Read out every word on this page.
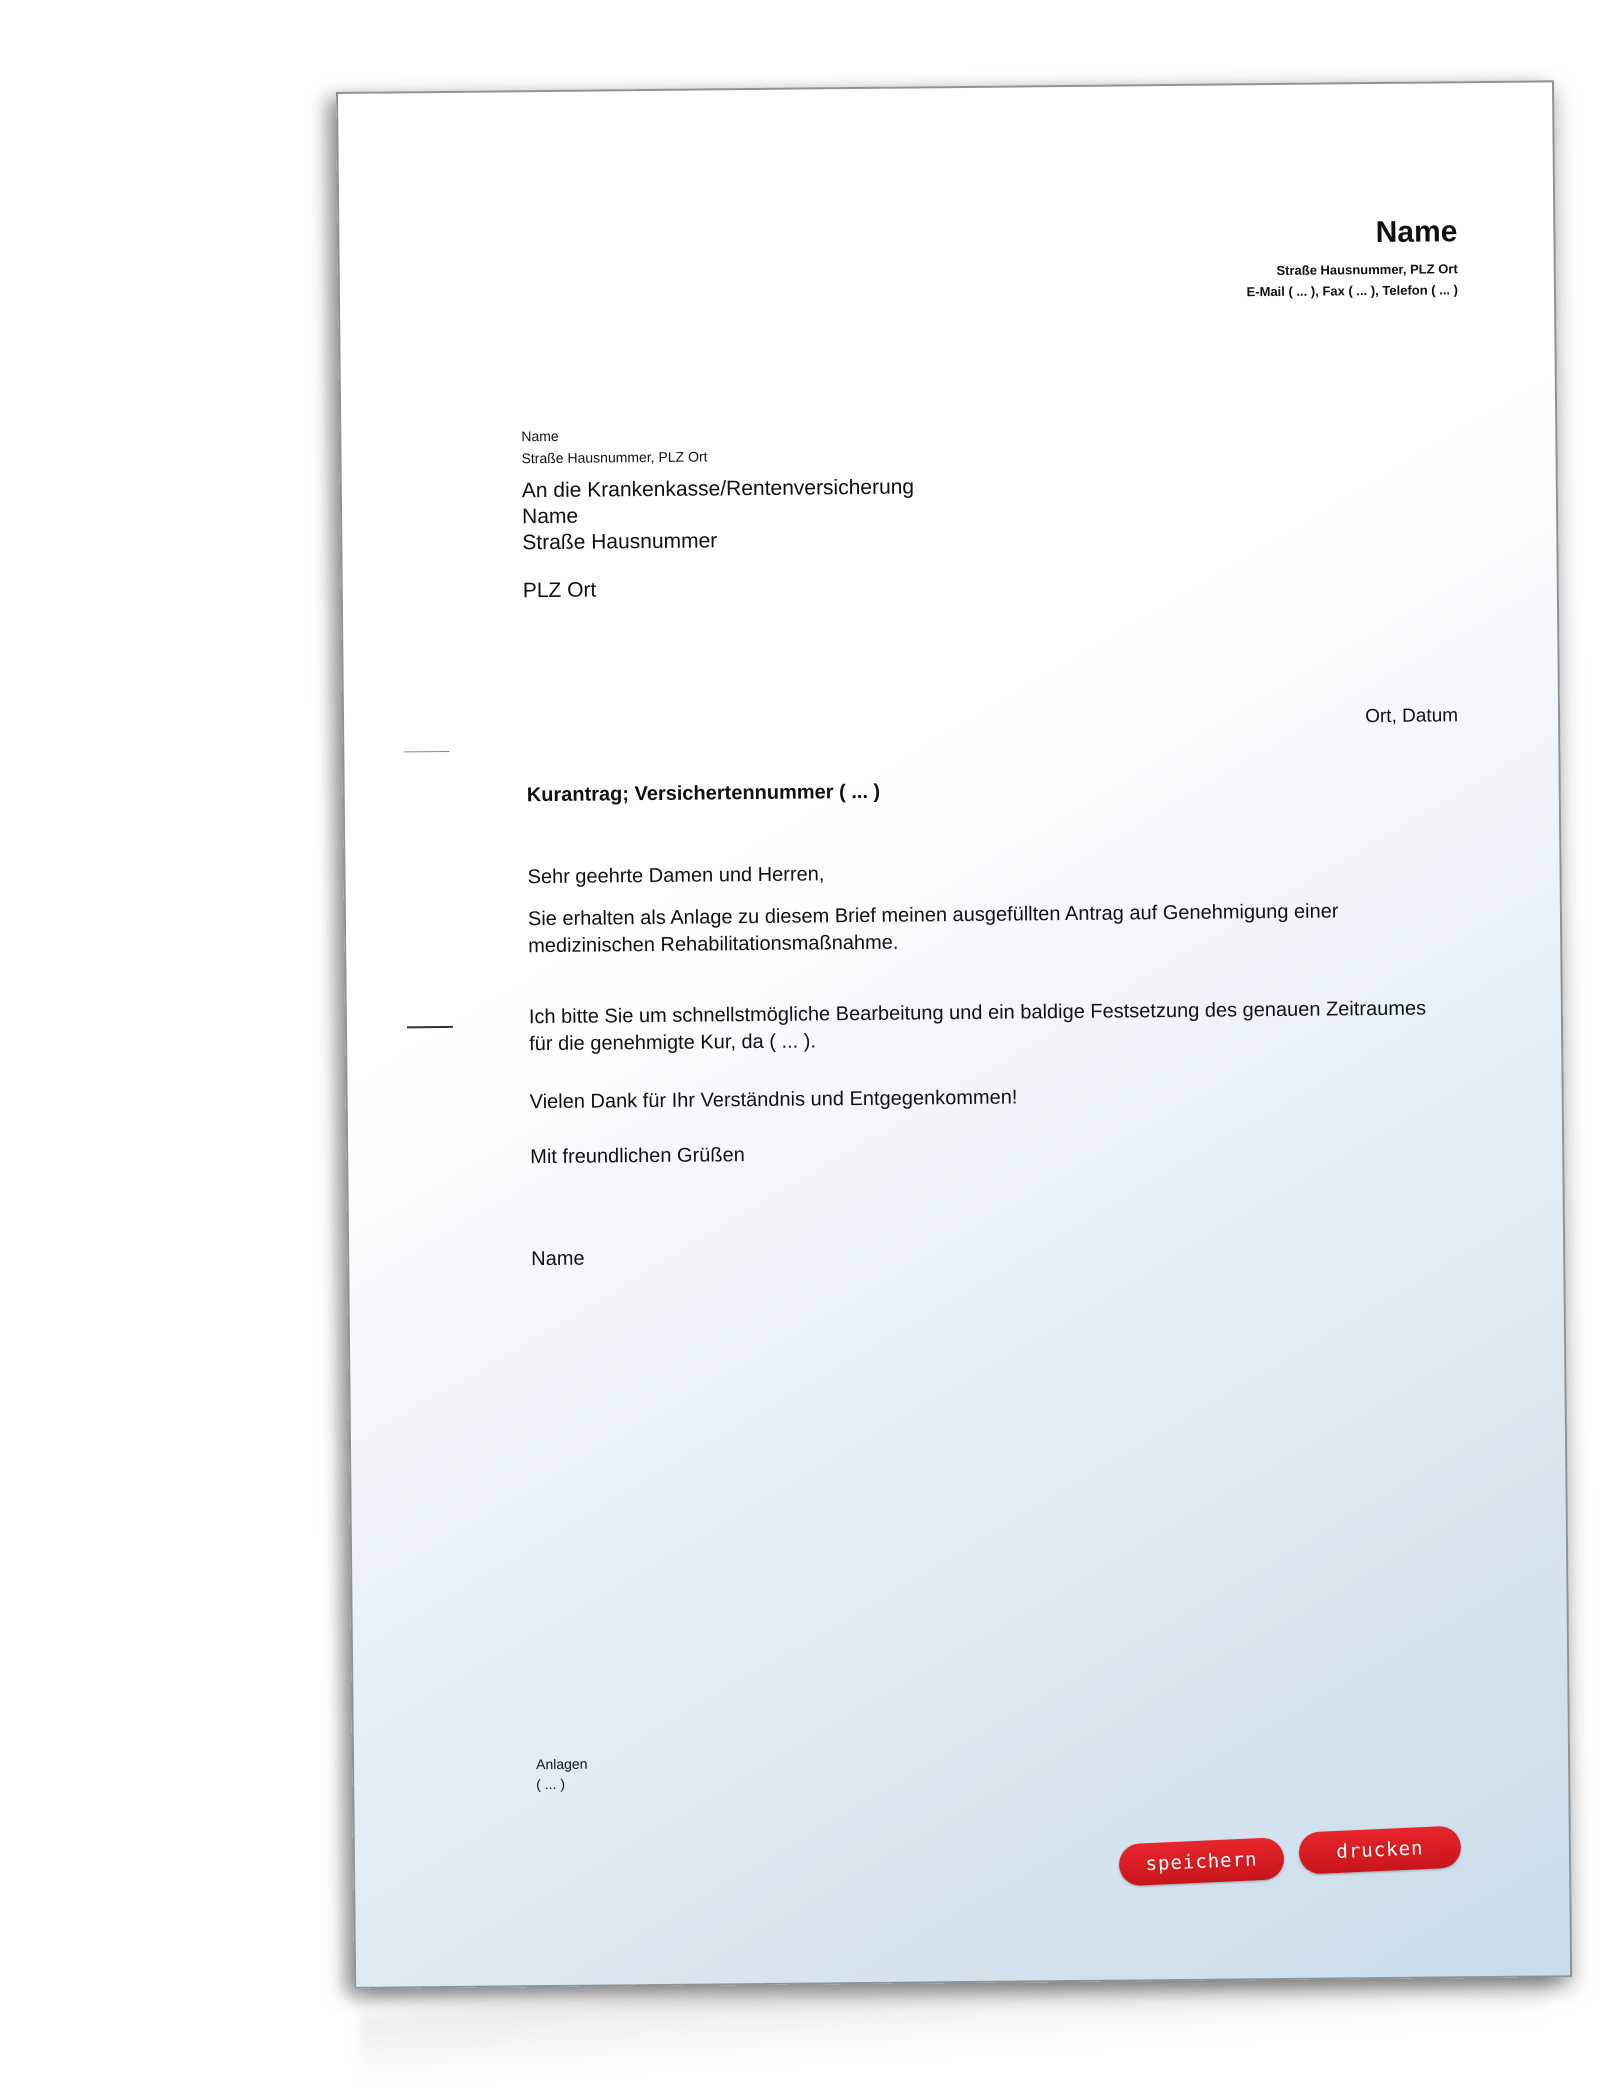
Name
Straße Hausnummer, PLZ Ort
E-Mail ( ... ), Fax ( ... ), Telefon ( ... )
Name
Straße Hausnummer, PLZ Ort
An die Krankenkasse/Rentenversicherung
Name
Straße Hausnummer
PLZ Ort
Ort, Datum
Kurantrag; Versichertennummer ( ... )
Sehr geehrte Damen und Herren,
Sie erhalten als Anlage zu diesem Brief meinen ausgefüllten Antrag auf Genehmigung einer medizinischen Rehabilitationsmaßnahme.
Ich bitte Sie um schnellstmögliche Bearbeitung und ein baldige Festsetzung des genauen Zeitraumes für die genehmigte Kur, da ( ... ).
Vielen Dank für Ihr Verständnis und Entgegenkommen!
Mit freundlichen Grüßen
Name
Anlagen
( ... )
speichern	drucken
